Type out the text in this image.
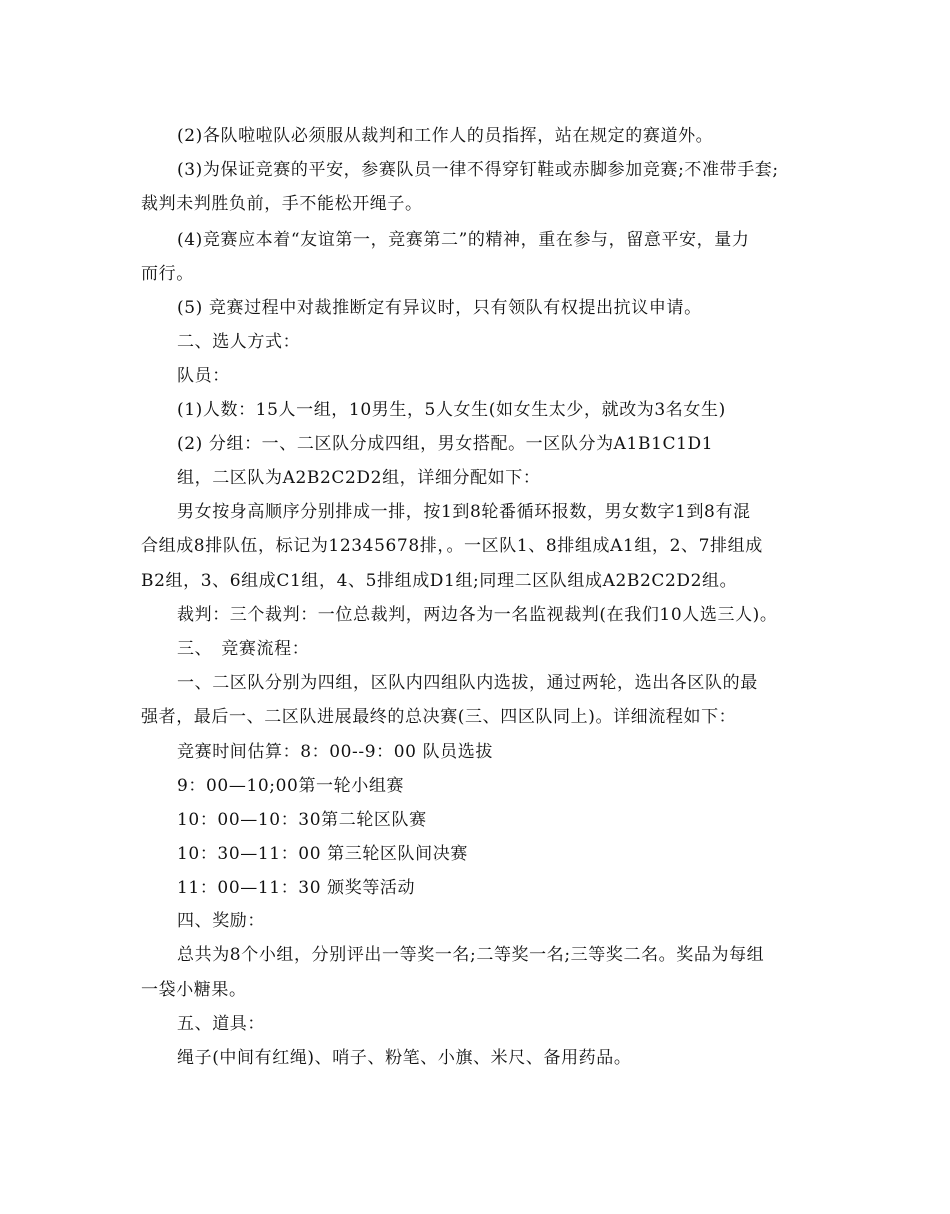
(2)各队啦啦队必须服从裁判和工作人的员指挥，站在规定的赛道外。
(3)为保证竞赛的平安，参赛队员一律不得穿钉鞋或赤脚参加竞赛;不准带手套;
裁判未判胜负前，手不能松开绳子。
(4)竞赛应本着“友谊第一，竞赛第二”的精神，重在参与，留意平安，量力
而行。
(5) 竞赛过程中对裁推断定有异议时，只有领队有权提出抗议申请。
二、选人方式：
队员：
(1)人数：15人一组，10男生，5人女生(如女生太少，就改为3名女生)
(2) 分组：一、二区队分成四组，男女搭配。一区队分为A1B1C1D1
组，二区队为A2B2C2D2组，详细分配如下：
男女按身高顺序分别排成一排，按1到8轮番循环报数，男女数字1到8有混
合组成8排队伍，标记为12345678排，。一区队1、8排组成A1组，2、7排组成
B2组，3、6组成C1组，4、5排组成D1组;同理二区队组成A2B2C2D2组。
裁判：三个裁判：一位总裁判，两边各为一名监视裁判(在我们10人选三人)。
三、　竞赛流程：
一、二区队分别为四组，区队内四组队内选拔，通过两轮，选出各区队的最
强者，最后一、二区队进展最终的总决赛(三、四区队同上)。详细流程如下：
竞赛时间估算：8：00--9：00 队员选拔
9：00—10;00第一轮小组赛
10：00—10：30第二轮区队赛
10：30—11：00 第三轮区队间决赛
11：00—11：30 颁奖等活动
四、奖励：
总共为8个小组，分别评出一等奖一名;二等奖一名;三等奖二名。奖品为每组
一袋小糖果。
五、道具：
绳子(中间有红绳)、哨子、粉笔、小旗、米尺、备用药品。
